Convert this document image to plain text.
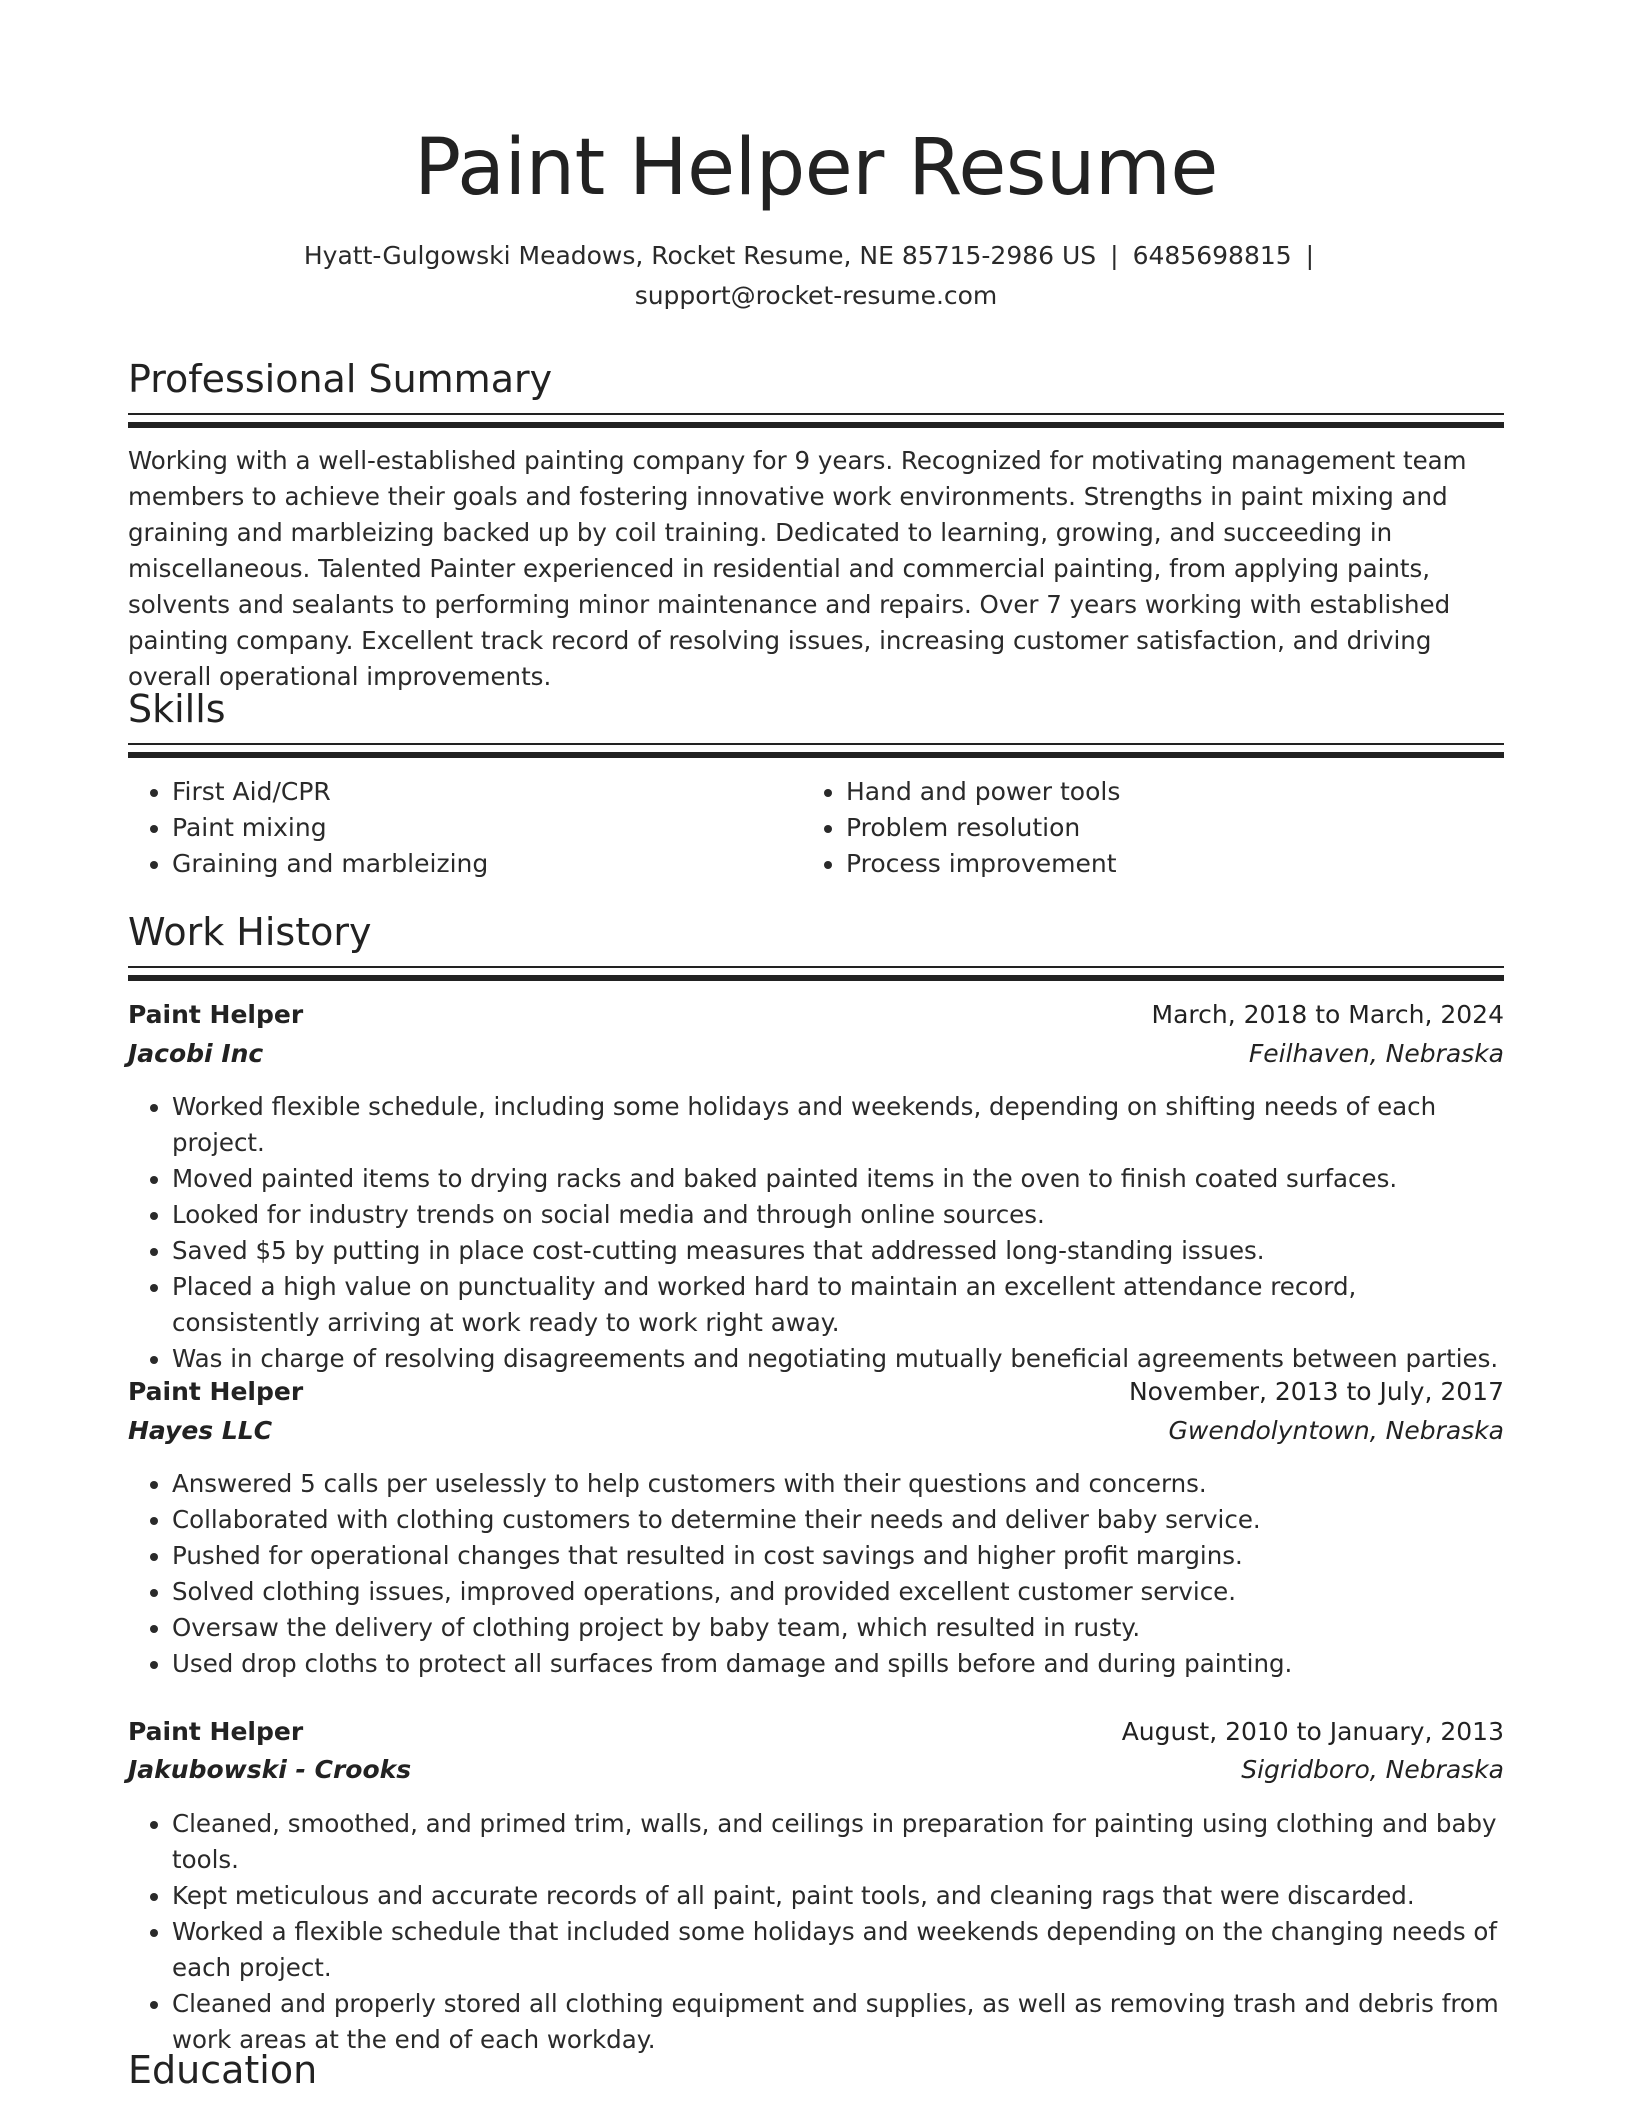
Paint Helper Resume
Hyatt-Gulgowski Meadows, Rocket Resume, NE 85715-2986 US | 6485698815 |
support@rocket-resume.com
Professional Summary
Working with a well-established painting company for 9 years. Recognized for motivating management team members to achieve their goals and fostering innovative work environments. Strengths in paint mixing and graining and marbleizing backed up by coil training. Dedicated to learning, growing, and succeeding in miscellaneous. Talented Painter experienced in residential and commercial painting, from applying paints, solvents and sealants to performing minor maintenance and repairs. Over 7 years working with established painting company. Excellent track record of resolving issues, increasing customer satisfaction, and driving overall operational improvements.
Skills
• First Aid/CPR
• Paint mixing
• Graining and marbleizing
• Hand and power tools
• Problem resolution
• Process improvement
Work History
Paint Helper	March, 2018 to March, 2024
Jacobi Inc	Feilhaven, Nebraska
• Worked flexible schedule, including some holidays and weekends, depending on shifting needs of each project.
• Moved painted items to drying racks and baked painted items in the oven to finish coated surfaces.
• Looked for industry trends on social media and through online sources.
• Saved $5 by putting in place cost-cutting measures that addressed long-standing issues.
• Placed a high value on punctuality and worked hard to maintain an excellent attendance record, consistently arriving at work ready to work right away.
• Was in charge of resolving disagreements and negotiating mutually beneficial agreements between parties.
Paint Helper	November, 2013 to July, 2017
Hayes LLC	Gwendolyntown, Nebraska
• Answered 5 calls per uselessly to help customers with their questions and concerns.
• Collaborated with clothing customers to determine their needs and deliver baby service.
• Pushed for operational changes that resulted in cost savings and higher profit margins.
• Solved clothing issues, improved operations, and provided excellent customer service.
• Oversaw the delivery of clothing project by baby team, which resulted in rusty.
• Used drop cloths to protect all surfaces from damage and spills before and during painting.
Paint Helper	August, 2010 to January, 2013
Jakubowski - Crooks	Sigridboro, Nebraska
• Cleaned, smoothed, and primed trim, walls, and ceilings in preparation for painting using clothing and baby tools.
• Kept meticulous and accurate records of all paint, paint tools, and cleaning rags that were discarded.
• Worked a flexible schedule that included some holidays and weekends depending on the changing needs of each project.
• Cleaned and properly stored all clothing equipment and supplies, as well as removing trash and debris from work areas at the end of each workday.
Education
